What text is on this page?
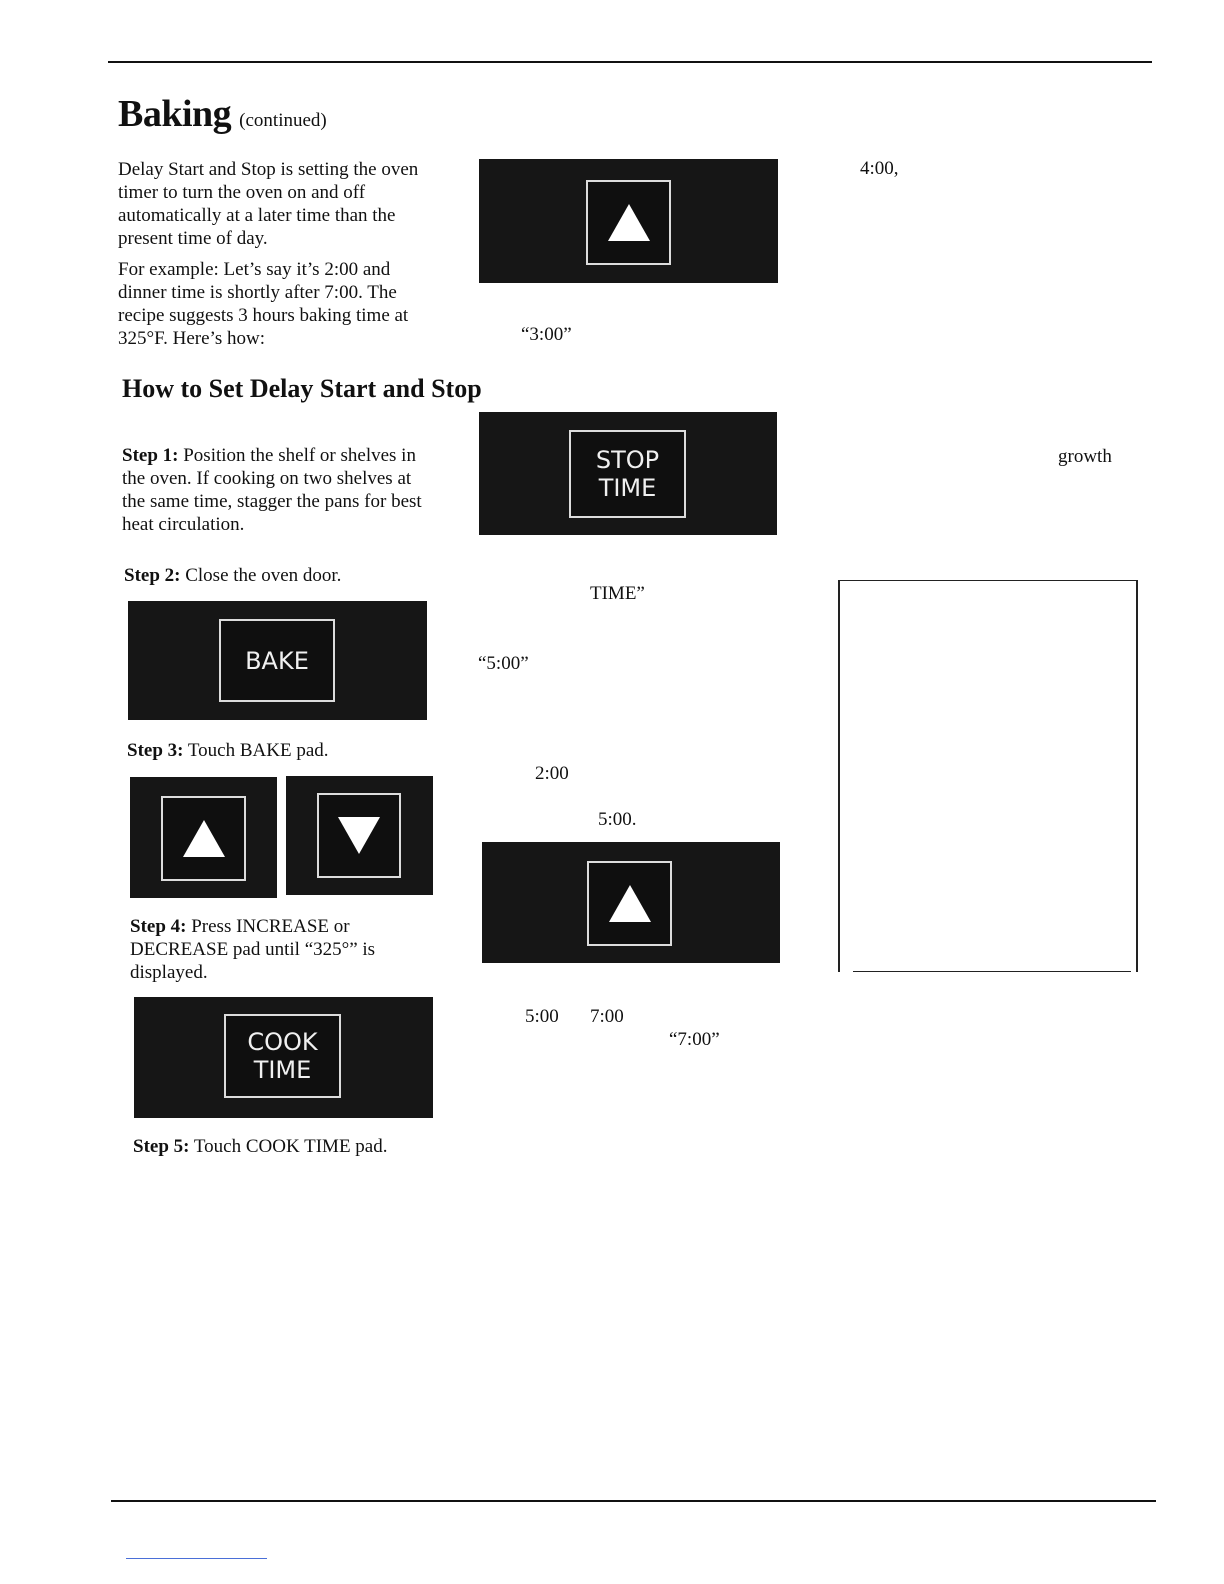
Baking (continued)

Delay Start and Stop is setting the oven timer to turn the oven on and off automatically at a later time than the present time of day.

For example: Let’s say it’s 2:00 and dinner time is shortly after 7:00. The recipe suggests 3 hours baking time at 325°F. Here’s how:

How to Set Delay Start and Stop

Step 1: Position the shelf or shelves in the oven. If cooking on two shelves at the same time, stagger the pans for best heat circulation.

Step 2: Close the oven door.

BAKE

Step 3: Touch BAKE pad.

Step 4: Press INCREASE or DECREASE pad until “325°” is displayed.

COOK
TIME

Step 5: Touch COOK TIME pad.

“3:00”
STOP
TIME
TIME”
“5:00”
2:00
5:00.
5:00 7:00
“7:00”
4:00,
growth
